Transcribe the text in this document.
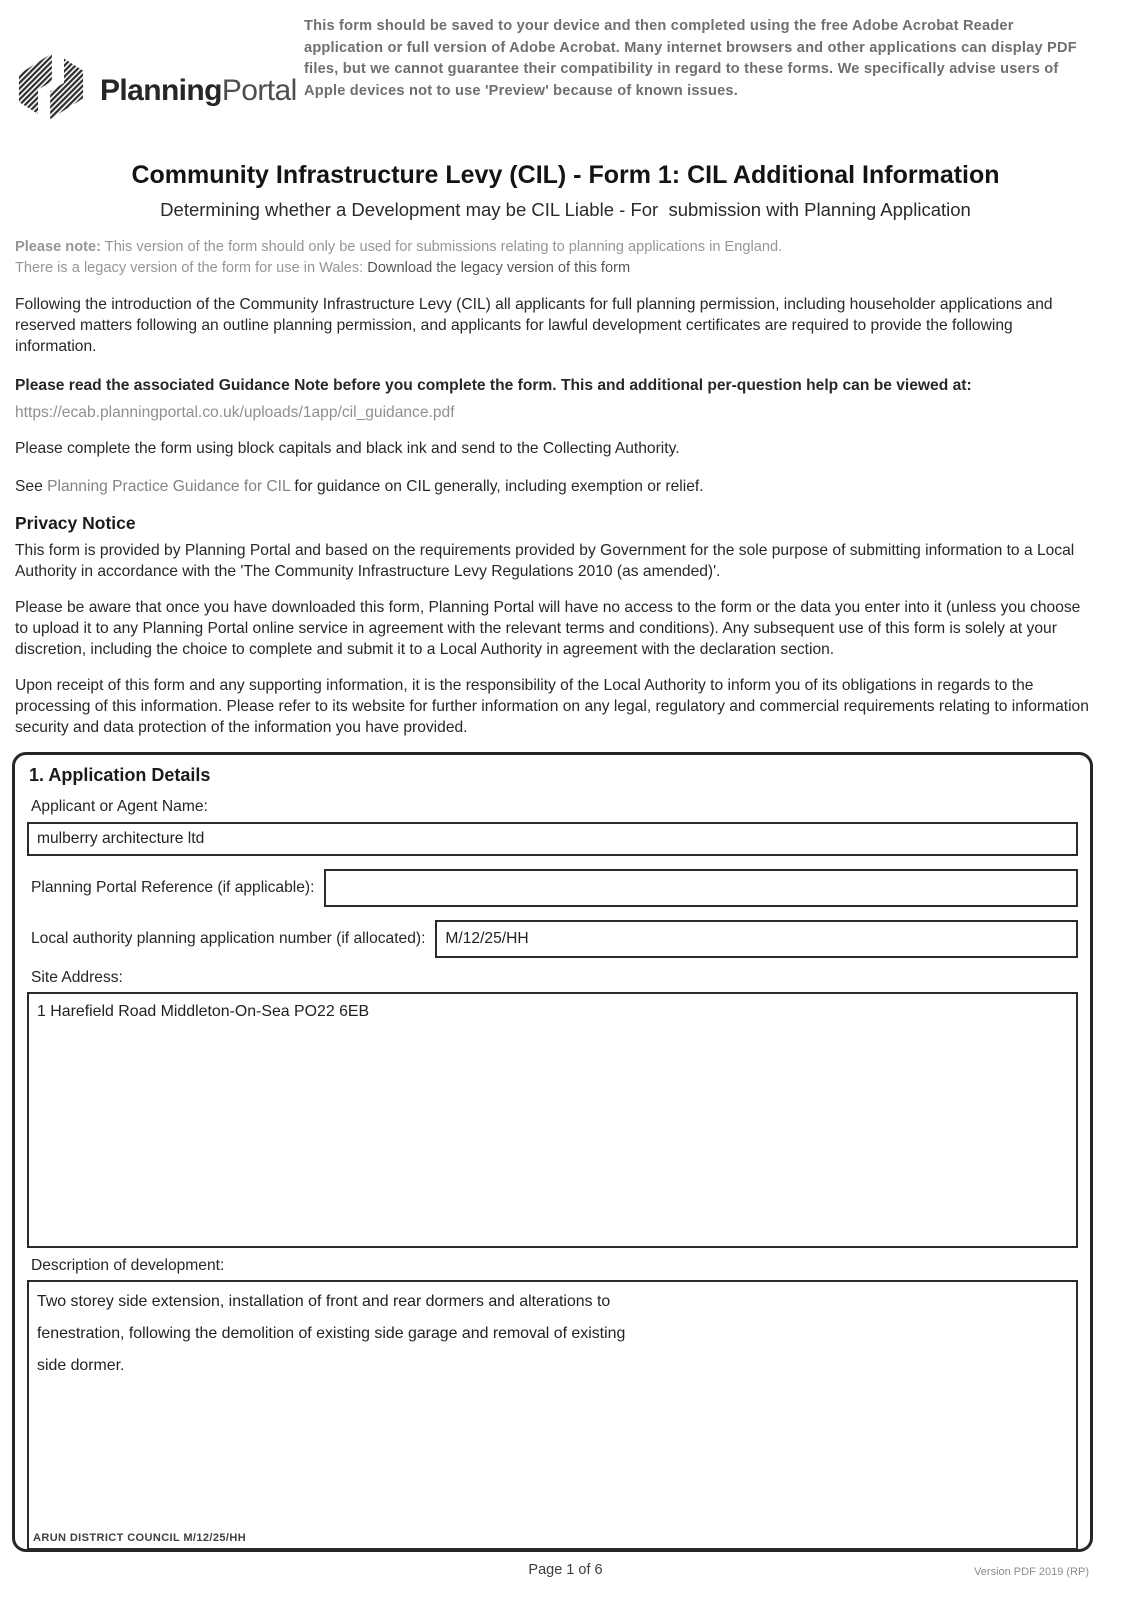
PlanningPortal
This form should be saved to your device and then completed using the free Adobe Acrobat Reader application or full version of Adobe Acrobat. Many internet browsers and other applications can display PDF files, but we cannot guarantee their compatibility in regard to these forms. We specifically advise users of Apple devices not to use 'Preview' because of known issues.
Community Infrastructure Levy (CIL) - Form 1: CIL Additional Information
Determining whether a Development may be CIL Liable - For  submission with Planning Application
Please note: This version of the form should only be used for submissions relating to planning applications in England.
There is a legacy version of the form for use in Wales: Download the legacy version of this form

Following the introduction of the Community Infrastructure Levy (CIL) all applicants for full planning permission, including householder applications and reserved matters following an outline planning permission, and applicants for lawful development certificates are required to provide the following information.

Please read the associated Guidance Note before you complete the form. This and additional per-question help can be viewed at:

https://ecab.planningportal.co.uk/uploads/1app/cil_guidance.pdf

Please complete the form using block capitals and black ink and send to the Collecting Authority.

See Planning Practice Guidance for CIL for guidance on CIL generally, including exemption or relief.

Privacy Notice

This form is provided by Planning Portal and based on the requirements provided by Government for the sole purpose of submitting information to a Local Authority in accordance with the 'The Community Infrastructure Levy Regulations 2010 (as amended)'.

Please be aware that once you have downloaded this form, Planning Portal will have no access to the form or the data you enter into it (unless you choose to upload it to any Planning Portal online service in agreement with the relevant terms and conditions). Any subsequent use of this form is solely at your discretion, including the choice to complete and submit it to a Local Authority in agreement with the declaration section.

Upon receipt of this form and any supporting information, it is the responsibility of the Local Authority to inform you of its obligations in regards to the processing of this information. Please refer to its website for further information on any legal, regulatory and commercial requirements relating to information security and data protection of the information you have provided.

1. Application Details
Applicant or Agent Name:
mulberry architecture ltd
Planning Portal Reference (if applicable):
Local authority planning application number (if allocated):
M/12/25/HH
Site Address:
1 Harefield Road Middleton-On-Sea PO22 6EB
Description of development:
Two storey side extension, installation of front and rear dormers and alterations to fenestration, following the demolition of existing side garage and removal of existing side dormer.
ARUN DISTRICT COUNCIL M/12/25/HH
Page 1 of 6	Version PDF 2019 (RP)
